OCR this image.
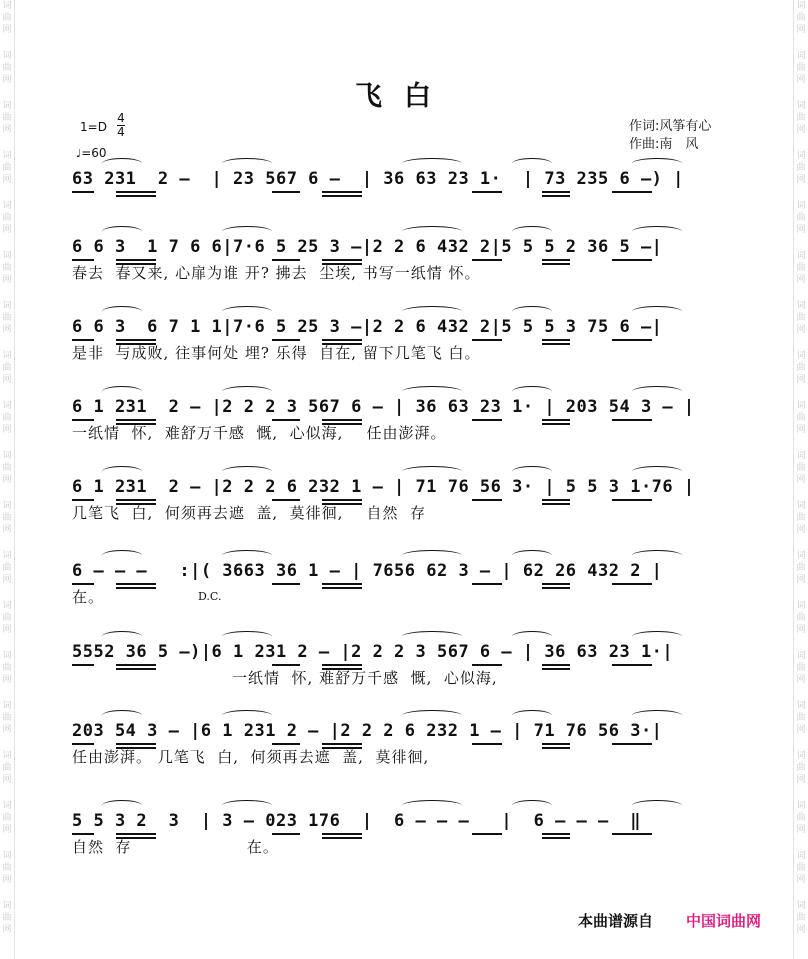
词
曲
网
词
曲
网
词
曲
网
词
曲
网
词
曲
网
词
曲
网
词
曲
网
词
曲
网
词
曲
网
词
曲
网
词
曲
网
词
曲
网
词
曲
网
词
曲
网
词
曲
网
词
曲
网
词
曲
网
词
曲
网
词
曲
网
词
曲
网
词
曲
网
词
曲
网
词
曲
网
词
曲
网
词
曲
网
词
曲
网
词
曲
网
词
曲
网
词
曲
网
词
曲
网
词
曲
网
词
曲
网
词
曲
网
词
曲
网
词
曲
网
词
曲
网
词
曲
网
词
曲
网
飞白
1=D
4
4
♩=60
作词:风筝有心
作曲:南　风
63 231  2 –  | 23 567 6 –  | 36 63 23 1·  | 73 235 6 –) |
6 6 3  1 7 6 6|7·6 5 25 3 –|2 2 6 432 2|5 5 5 2 36 5 –|
春去  春又来, 心扉为谁 开? 拂去  尘埃, 书写一纸情 怀。
6 6 3  6 7 1 1|7·6 5 25 3 –|2 2 6 432 2|5 5 5 3 75 6 –|
是非  与成败, 往事何处 埋? 乐得  自在, 留下几笔飞 白。
6 1 231  2 – |2 2 2 3 567 6 – | 36 63 23 1· | 203 54 3 – |
一纸情  怀,  难舒万千感  慨,  心似海,    任由澎湃。
6 1 231  2 – |2 2 2 6 232 1 – | 71 76 56 3· | 5 5 3 1·76 |
几笔飞  白,  何须再去遮  盖,  莫徘徊,    自然  存
6 – – –   :|( 3663 36 1 – | 7656 62 3 – | 62 26 432 2 |
在。
5552 36 5 –)|6 1 231 2 – |2 2 2 3 567 6 – | 36 63 23 1·|
一纸情  怀, 难舒万千感  慨,  心似海,
203 54 3 – |6 1 231 2 – |2 2 2 6 232 1 – | 71 76 56 3·|
任由澎湃。 几笔飞  白,  何须再去遮  盖,  莫徘徊,
5 5 3 2  3  | 3 – 023 176  |  6 – – –   |  6 – – –  ‖
自然  存                    在。
D.C.
本曲谱源自 中国词曲网
